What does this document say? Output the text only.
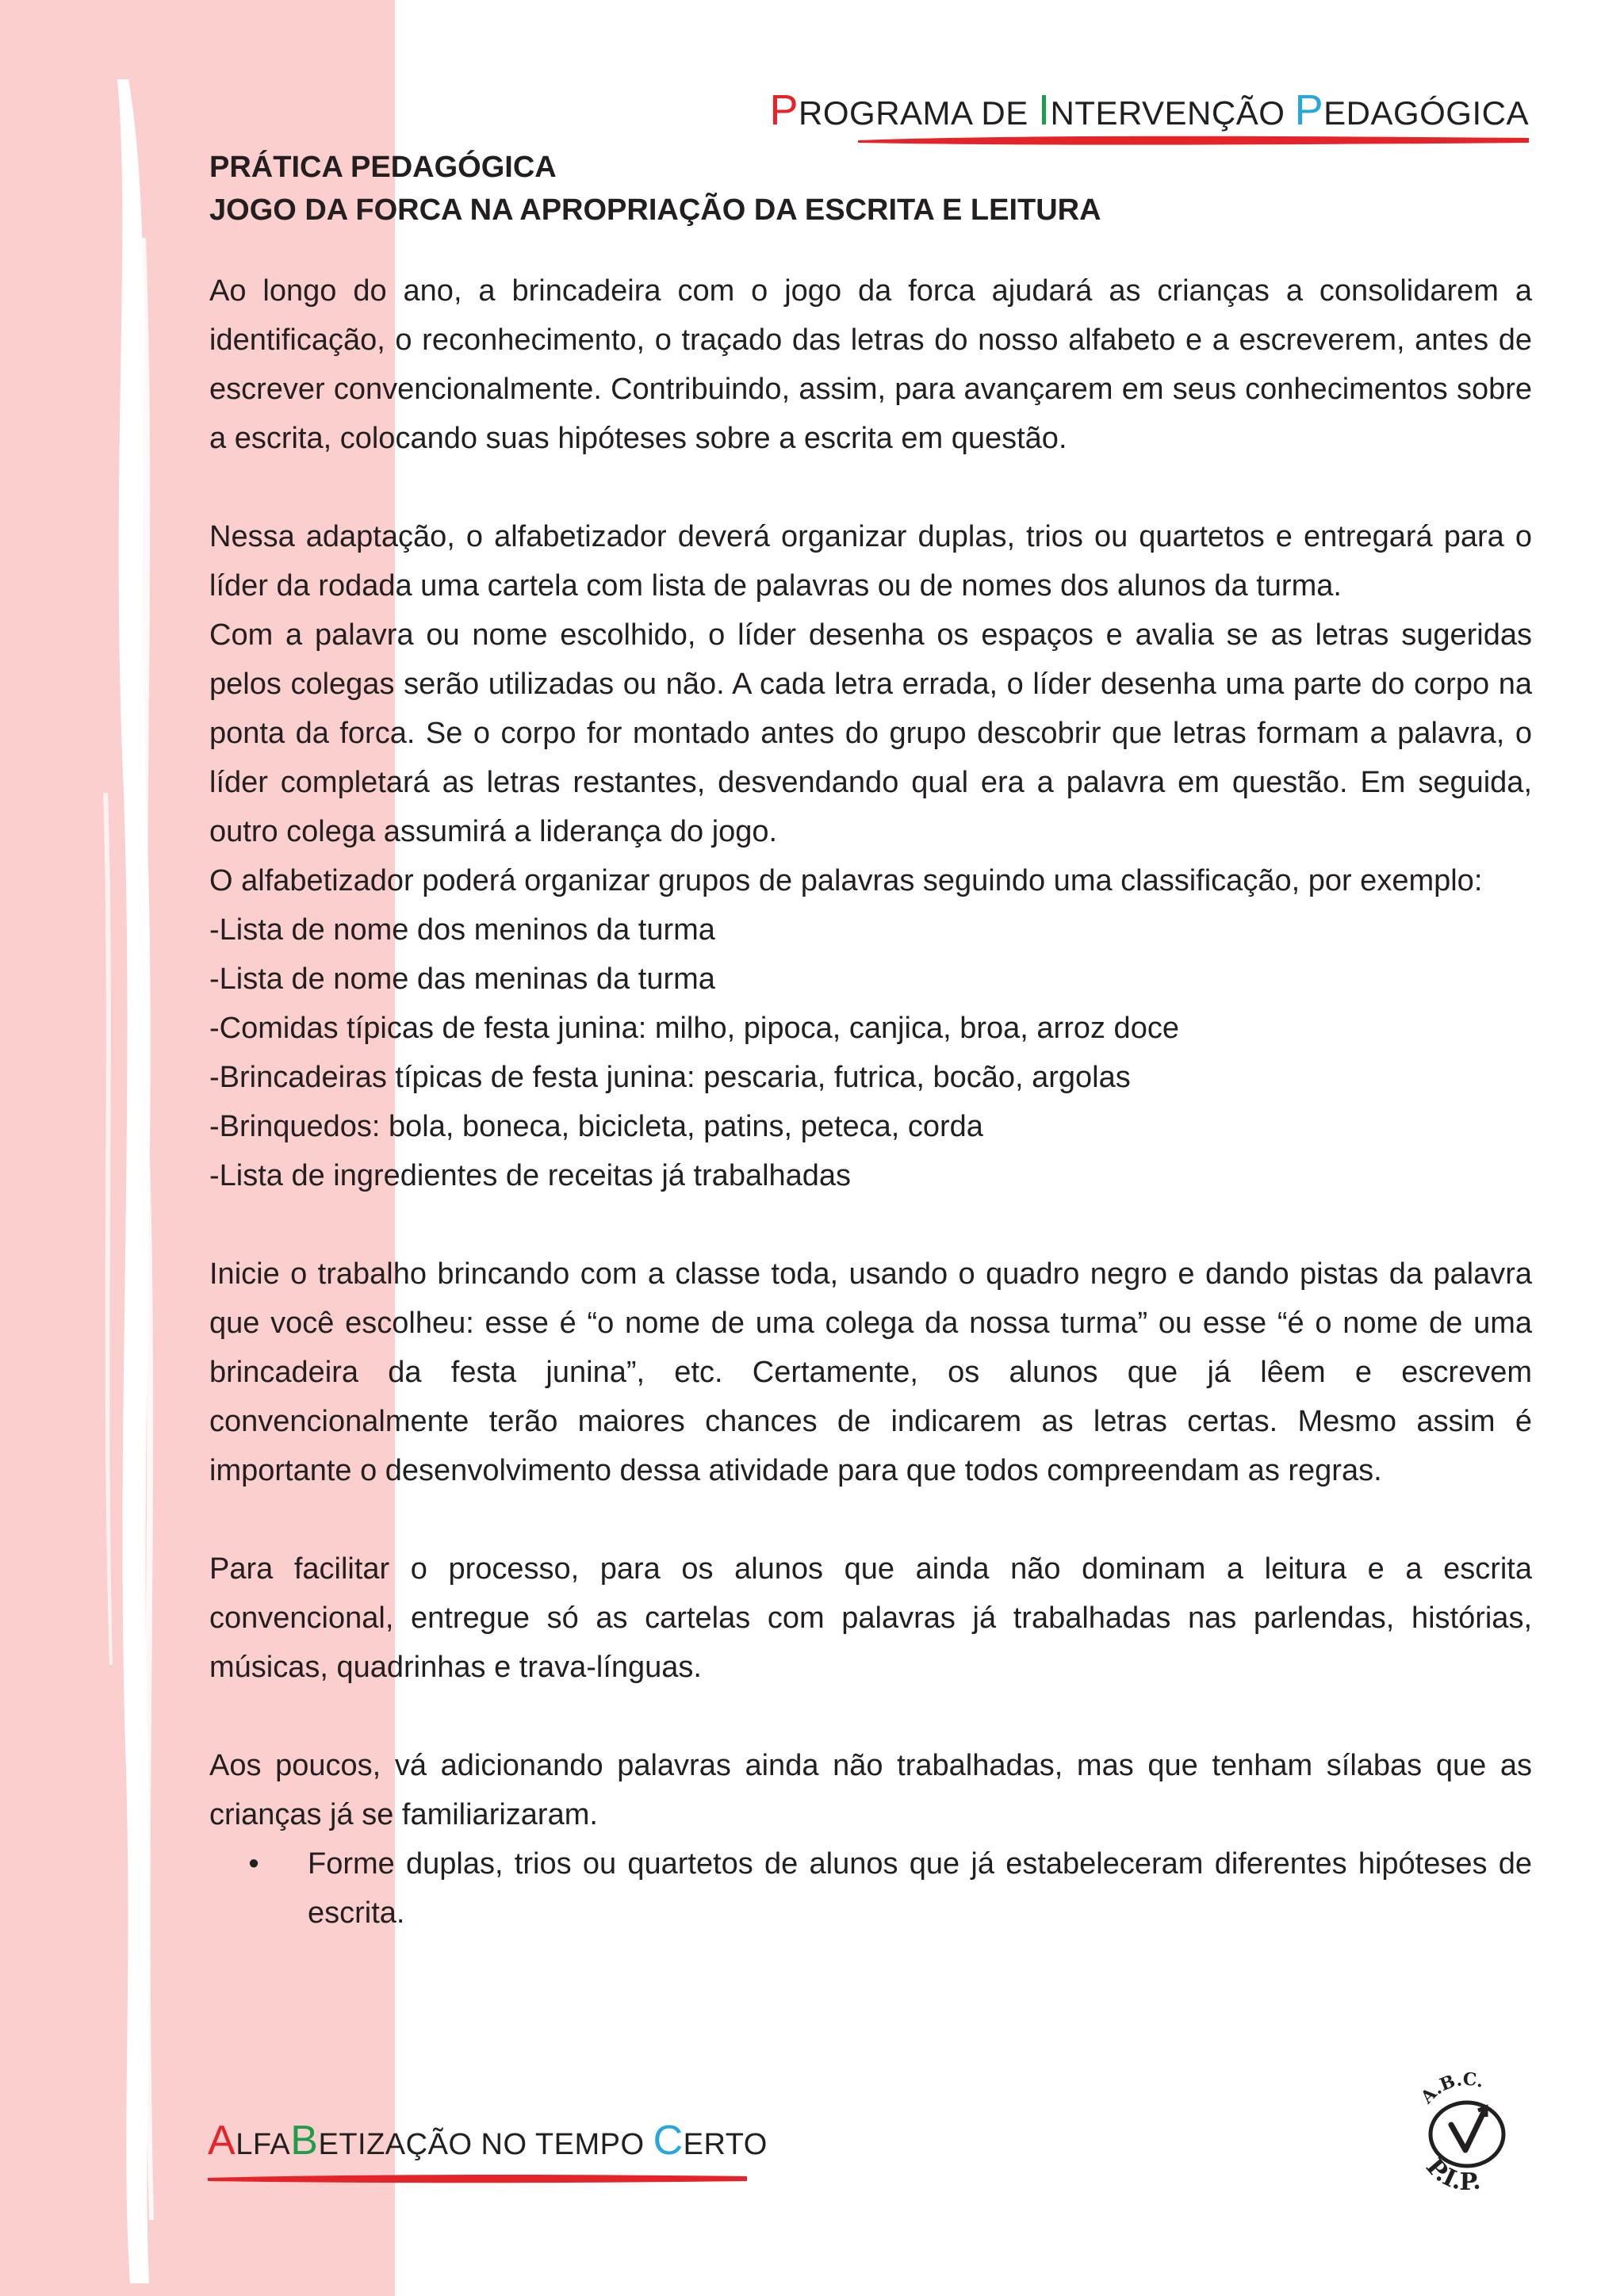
PROGRAMA DE INTERVENÇÃO PEDAGÓGICA
PRÁTICA PEDAGÓGICA
JOGO DA FORCA NA APROPRIAÇÃO DA ESCRITA E LEITURA

Ao longo do ano, a brincadeira com o jogo da forca ajudará as crianças a consolidarem a identificação, o reconhecimento, o traçado das letras do nosso alfabeto e a escreverem, antes de escrever convencionalmente. Contribuindo, assim, para avançarem em seus conhecimentos sobre a escrita, colocando suas hipóteses sobre a escrita em questão.

Nessa adaptação, o alfabetizador deverá organizar duplas, trios ou quartetos e entregará para o líder da rodada uma cartela com lista de palavras ou de nomes dos alunos da turma.

Com a palavra ou nome escolhido, o líder desenha os espaços e avalia se as letras sugeridas pelos colegas serão utilizadas ou não. A cada letra errada, o líder desenha uma parte do corpo na ponta da forca. Se o corpo for montado antes do grupo descobrir que letras formam a palavra, o líder completará as letras restantes, desvendando qual era a palavra em questão. Em seguida, outro colega assumirá a liderança do jogo.

O alfabetizador poderá organizar grupos de palavras seguindo uma classificação, por exemplo:

-Lista de nome dos meninos da turma

-Lista de nome das meninas da turma

-Comidas típicas de festa junina: milho, pipoca, canjica, broa, arroz doce

-Brincadeiras típicas de festa junina: pescaria, futrica, bocão, argolas

-Brinquedos: bola, boneca, bicicleta, patins, peteca, corda

-Lista de ingredientes de receitas já trabalhadas

Inicie o trabalho brincando com a classe toda, usando o quadro negro e dando pistas da palavra que você escolheu: esse é “o nome de uma colega da nossa turma” ou esse “é o nome de uma brincadeira da festa junina”, etc. Certamente, os alunos que já lêem e escrevem convencionalmente terão maiores chances de indicarem as letras certas. Mesmo assim é importante o desenvolvimento dessa atividade para que todos compreendam as regras.

Para facilitar o processo, para os alunos que ainda não dominam a leitura e a escrita convencional, entregue só as cartelas com palavras já trabalhadas nas parlendas, histórias, músicas, quadrinhas e trava-línguas.

Aos poucos, vá adicionando palavras ainda não trabalhadas, mas que tenham sílabas que as crianças já se familiarizaram.

•	Forme duplas, trios ou quartetos de alunos que já estabeleceram diferentes hipóteses de escrita.
ALFABETIZAÇÃO NO TEMPO CERTO
A.B.C.
P.I.P.
